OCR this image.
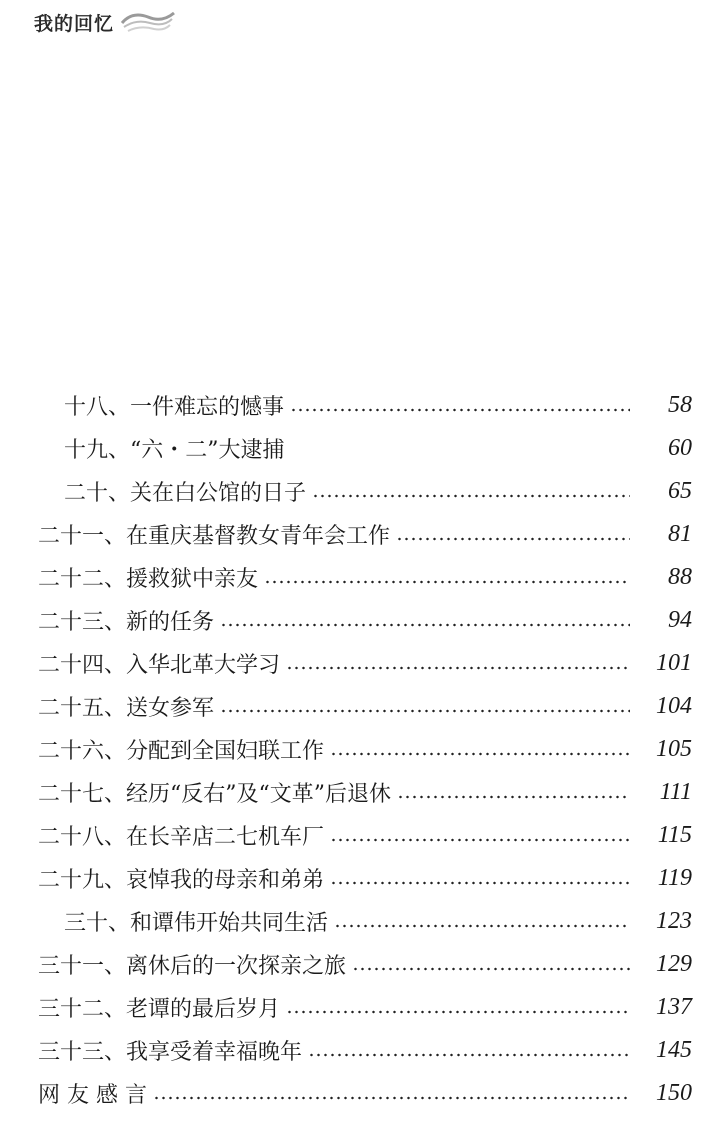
我的回忆
十八、一件难忘的憾事	58
十九、“六・二”大逮捕	60
二十、关在白公馆的日子	65
二十一、在重庆基督教女青年会工作	81
二十二、援救狱中亲友	88
二十三、新的任务	94
二十四、入华北革大学习	101
二十五、送女参军	104
二十六、分配到全国妇联工作	105
二十七、经历“反右”及“文革”后退休	111
二十八、在长辛店二七机车厂	115
二十九、哀悼我的母亲和弟弟	119
三十、和谭伟开始共同生活	123
三十一、离休后的一次探亲之旅	129
三十二、老谭的最后岁月	137
三十三、我享受着幸福晚年	145
网 友 感 言	150
